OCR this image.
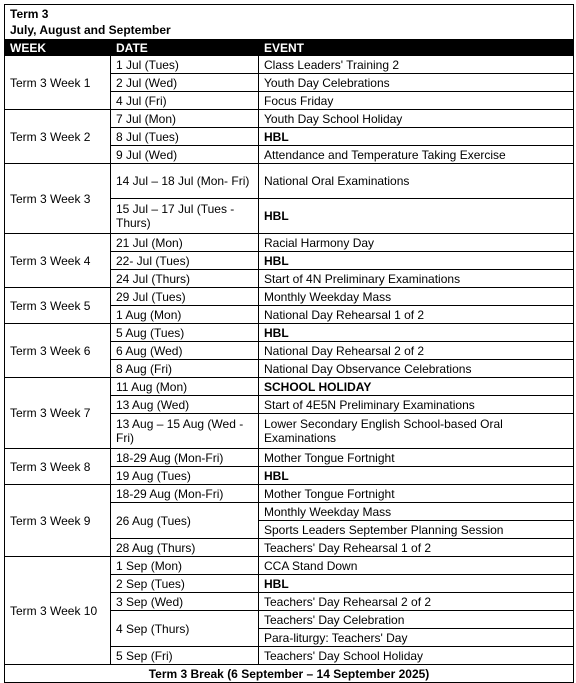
Term 3
July, August and September		

WEEK	DATE	EVENT
Term 3 Week 1	1 Jul (Tues)	Class Leaders' Training 2
	2 Jul (Wed)	Youth Day Celebrations
	4 Jul (Fri)	Focus Friday
Term 3 Week 2	7 Jul (Mon)	Youth Day School Holiday
	8 Jul (Tues)	HBL
	9 Jul (Wed)	Attendance and Temperature Taking Exercise
Term 3 Week 3	14 Jul – 18 Jul (Mon- Fri)	National Oral Examinations
	15 Jul – 17 Jul (Tues - Thurs)	HBL
Term 3 Week 4	21 Jul (Mon)	Racial Harmony Day
	22- Jul (Tues)	HBL
	24 Jul (Thurs)	Start of 4N Preliminary Examinations
Term 3 Week 5	29 Jul (Tues)	Monthly Weekday Mass
	1 Aug (Mon)	National Day Rehearsal 1 of 2
Term 3 Week 6	5 Aug (Tues)	HBL
	6 Aug (Wed)	National Day Rehearsal 2 of 2
	8 Aug (Fri)	National Day Observance Celebrations
Term 3 Week 7	11 Aug (Mon)	SCHOOL HOLIDAY
	13 Aug (Wed)	Start of 4E5N Preliminary Examinations
	13 Aug – 15 Aug (Wed - Fri)	Lower Secondary English School-based Oral Examinations
Term 3 Week 8	18-29 Aug (Mon-Fri)	Mother Tongue Fortnight
	19 Aug (Tues)	HBL
Term 3 Week 9	18-29 Aug (Mon-Fri)	Mother Tongue Fortnight
	26 Aug (Tues)	Monthly Weekday Mass
		Sports Leaders September Planning Session
	28 Aug (Thurs)	Teachers' Day Rehearsal 1 of 2
Term 3 Week 10	1 Sep (Mon)	CCA Stand Down
	2 Sep (Tues)	HBL
	3 Sep (Wed)	Teachers' Day Rehearsal 2 of 2
	4 Sep (Thurs)	Teachers' Day Celebration
		Para-liturgy: Teachers' Day
	5 Sep (Fri)	Teachers' Day School Holiday
Term 3 Break (6 September – 14 September 2025)		
